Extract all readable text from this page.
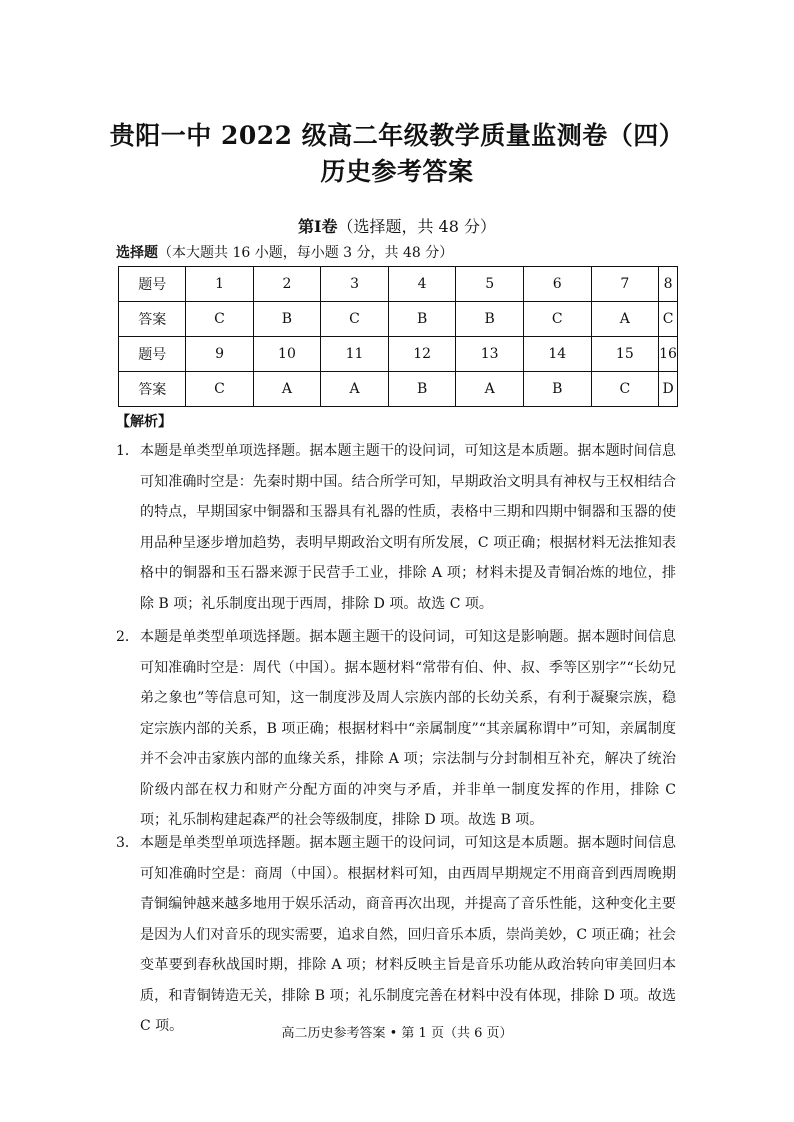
贵阳一中 2022 级高二年级教学质量监测卷（四）
历史参考答案
第Ⅰ卷（选择题，共 48 分）
选择题（本大题共 16 小题，每小题 3 分，共 48 分）
题号	1	2	3	4	5	6	7	8
答案	C	B	C	B	B	C	A	C
题号	9	10	11	12	13	14	15	16
答案	C	A	A	B	A	B	C	D
【解析】
1． 本题是单类型单项选择题。据本题主题干的设问词，可知这是本质题。据本题时间信息可知准确时空是：先秦时期中国。结合所学可知，早期政治文明具有神权与王权相结合的特点，早期国家中铜器和玉器具有礼器的性质，表格中三期和四期中铜器和玉器的使用品种呈逐步增加趋势，表明早期政治文明有所发展，C 项正确；根据材料无法推知表格中的铜器和玉石器来源于民营手工业，排除 A 项；材料未提及青铜冶炼的地位，排除 B 项；礼乐制度出现于西周，排除 D 项。故选 C 项。
2． 本题是单类型单项选择题。据本题主题干的设问词，可知这是影响题。据本题时间信息可知准确时空是：周代（中国）。据本题材料“常带有伯、仲、叔、季等区别字”“长幼兄弟之象也”等信息可知，这一制度涉及周人宗族内部的长幼关系，有利于凝聚宗族，稳定宗族内部的关系，B 项正确；根据材料中“亲属制度”“其亲属称谓中”可知，亲属制度并不会冲击家族内部的血缘关系，排除 A 项；宗法制与分封制相互补充，解决了统治阶级内部在权力和财产分配方面的冲突与矛盾，并非单一制度发挥的作用，排除 C 项；礼乐制构建起森严的社会等级制度，排除 D 项。故选 B 项。
3． 本题是单类型单项选择题。据本题主题干的设问词，可知这是本质题。据本题时间信息可知准确时空是：商周（中国）。根据材料可知，由西周早期规定不用商音到西周晚期青铜编钟越来越多地用于娱乐活动，商音再次出现，并提高了音乐性能，这种变化主要是因为人们对音乐的现实需要，追求自然，回归音乐本质，崇尚美妙，C 项正确；社会变革要到春秋战国时期，排除 A 项；材料反映主旨是音乐功能从政治转向审美回归本质，和青铜铸造无关，排除 B 项；礼乐制度完善在材料中没有体现，排除 D 项。故选 C 项。	高二历史参考答案 • 第 1 页（共 6 页）
